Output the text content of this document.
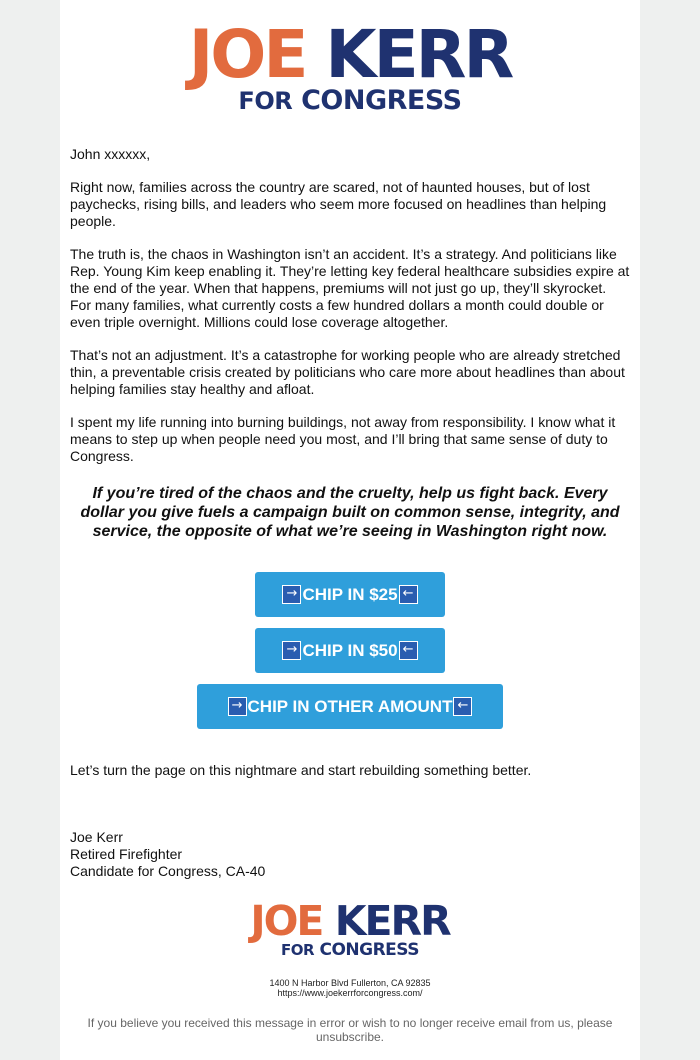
JOE KERR
FOR CONGRESS

John xxxxxx,

Right now, families across the country are scared, not of haunted houses, but of lost paychecks, rising bills, and leaders who seem more focused on headlines than helping people.

The truth is, the chaos in Washington isn’t an accident. It’s a strategy. And politicians like Rep. Young Kim keep enabling it. They’re letting key federal healthcare subsidies expire at the end of the year. When that happens, premiums will not just go up, they’ll skyrocket. For many families, what currently costs a few hundred dollars a month could double or even triple overnight. Millions could lose coverage altogether.

That’s not an adjustment. It’s a catastrophe for working people who are already stretched thin, a preventable crisis created by politicians who care more about headlines than about helping families stay healthy and afloat.

I spent my life running into burning buildings, not away from responsibility. I know what it means to step up when people need you most, and I’ll bring that same sense of duty to Congress.

If you’re tired of the chaos and the cruelty, help us fight back. Every dollar you give fuels a campaign built on common sense, integrity, and service, the opposite of what we’re seeing in Washington right now.
→ CHIP IN $25 ←
→ CHIP IN $50 ←
→ CHIP IN OTHER AMOUNT ←
Let’s turn the page on this nightmare and start rebuilding something better.
Joe Kerr
Retired Firefighter
Candidate for Congress, CA-40
JOE KERR
FOR CONGRESS
1400 N Harbor Blvd Fullerton, CA 92835
https://www.joekerrforcongress.com/
If you believe you received this message in error or wish to no longer receive email from us, please unsubscribe.
